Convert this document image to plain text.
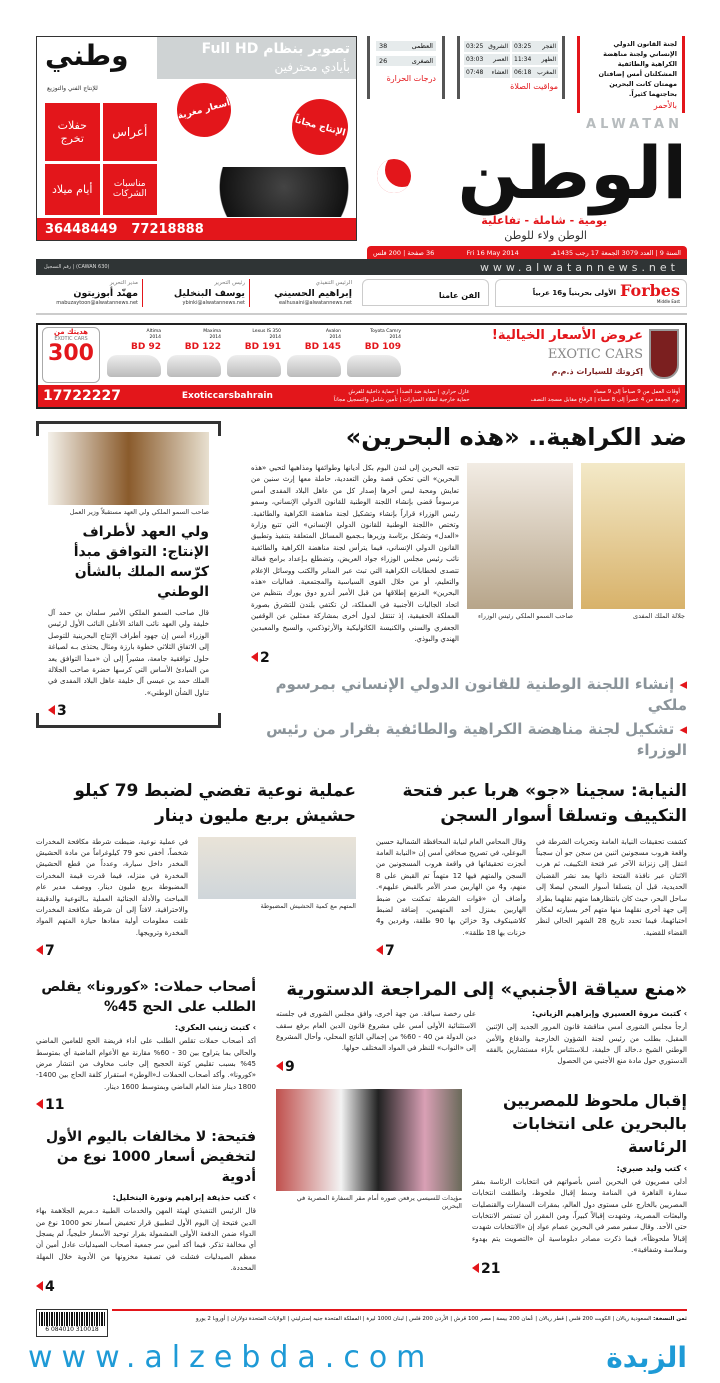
تصوير بنظام Full HD
بأيادي محترفين
وطني
للإنتاج الفني والتوزيع
أسعار مغرية
الإنتاج مجاناً
حفلات تخرج	أعراس
أيام ميلاد	مناسبات الشركات
36448449 77218888
العظمى
38
الصغرى
26
درجات الحرارة
الفجر
03:25
الشروق
03:25
الظهر
11:34
العصر
03:03
المغرب
06:18
العشاء
07:48
مواقيت الصلاة
لجنة القانون الدولي الإنساني ولجنة مناهضة الكراهية والطائفية المشكلتان أمس إضافتان مهمتان كانت البحرين بحاجتهما كثيراً.
بالأحمر
ALWATAN
الوطن
يومية - شاملة - تفاعلية
الوطن ولاء للوطن
السنة 9 | العدد 3079 الجمعة 17 رجب 1435هـ
Fri 16 May 2014
36 صفحة | 200 فلس
رقم التسجيل | (CAWAN 630)	www.alwatannews.net
الرئيس التنفيذي
إبراهيم الحسيني
ealhusaini@alwatannews.net
رئيس التحرير
يوسف البنخليل
ybinki@alwatannews.net
مدير التحرير
مهنّد أبوزيتون
mabuzaytoon@alwatannews.net
الفن عامنا	الأولى بحرينياً و16 عربياً Forbes
Middle East
EXOTIC CARS
إكزوتك للسيارات ذ.م.م
عروض الأسعار الخيالية!
Toyota Camry
2014
BD 109
Avalon
2014
BD 145
Lexus IS 350
2014
BD 191
Maxima
2014
BD 122
Altima
2014
BD 92
هديتك من
EXOTIC CARS
300
17722227	Exoticcarsbahrain	عازل حراري | حماية ضد الصدأ | حماية داخلية للفرش
حماية خارجية لطلاء السيارات | تأمين شامل والتسجيل مجاناً
أوقات العمل من 9 صباحاً إلى 9 مساء
يوم الجمعة من 4 عصراً إلى 8 مساء | الرفاع مقابل مسجد النصف
صاحب السمو الملكي ولي العهد مستقبلاً وزير العمل
ولي العهد لأطراف الإنتاج: التوافق مبدأ كرّسه الملك بالشأن الوطني
قال صاحب السمو الملكي الأمير سلمان بن حمد آل خليفة ولي العهد نائب القائد الأعلى النائب الأول لرئيس الوزراء أمس إن جهود أطراف الإنتاج البحرينية للتوصل إلى الاتفاق الثلاثي خطوة بارزة ومثال يحتذى بـه لصياغة حلول توافقية جامعة، مشيراً إلى أن «مبدأ التوافق يعد من المبادئ الأساس التي كرسها حضرة صاحب الجلالة الملك حمد بن عيسى آل خليفة عاهل البلاد المفدى في تناول الشأن الوطني».
3
ضد الكراهية.. «هذه البحرين»
تتجه البحرين إلى لندن اليوم بكل أديانها وطوائفها ومذاهبها لتحيي «هذه البحرين» التي تحكي قصة وطن التعددية، حاملة معها إرث سنين من تعايش ومحبة ليس أخرها إصدار كل من عاهل البلاد المفدى أمس مرسوماً قضى بإنشاء اللجنة الوطنية للقانون الدولي الإنساني، وسمو رئيس الوزراء قراراً بإنشاء وتشكيل لجنة مناهضة الكراهية والطائفية. وتختص «اللجنة الوطنية للقانون الدولي الإنساني» التي تتبع وزارة «العدل» وتشكل برئاسة وزيرها بـجميع المسائل المتعلقة بتنفيذ وتطبيق القانون الدولي الإنساني، فيما يترأس لجنة مناهضة الكراهية والطائفية نائب رئيس مجلس الوزراء جواد العريض، وتضطلع بـإعداد برامج فعالة تتصدى لخطابات الكراهية التي تبث عبر المنابر والكتب ووسائل الإعلام والتعليم، أو من خلال القوى السياسية والمجتمعية. فعاليات «هذه البحرين» المزمع إطلاقها من قبل الأمير أندرو دوق يورك بتنظيم من اتحاد الجاليات الأجنبية في المملكة، لن تكتفي بلندن للتشرق بصورة المملكة الحقيقية، إذ تنتقل لدول أخرى بمشاركة ممثلين عن الوقفين الجعفري والسني والكنيسة الكاثوليكية والأرثوذكس، والسيخ والمعبدين الهندي والبوذي.
2
صاحب السمو الملكي رئيس الوزراء	جلالة الملك المفدى
◂ إنشاء اللجنة الوطنية للقانون الدولي الإنساني بمرسوم ملكي
◂ تشكيل لجنة مناهضة الكراهية والطائفية بقرار من رئيس الوزراء
عملية نوعية تفضي لضبط 79 كيلو حشيش بربع مليون دينار
في عملية نوعية، ضبطت شرطة مكافحة المخدرات شخصاً، أخفى نحو 79 كيلوغراماً من مادة الحشيش المخدر داخل سيارة، وعدداً من قطع الحشيش المخدرة في منزله، فيما قدرت قيمة المخدرات المضبوطة بربع مليون دينار. ووصف مدير عام المباحث والأدلة الجنائية العملية بـالنوعية والدقيقة والاحترافية، لافتاً إلى أن شرطة مكافحة المخدرات تلقت معلومات أولية مفادها حيازة المتهم المواد المخدرة وترويجها.
7
المتهم مع كمية الحشيش المضبوطة
النيابة: سجينا «جو» هربا عبر فتحة التكييف وتسلقا أسوار السجن
وقال المحامي العام لنيابة المحافظة الشمالية حسين البوعلي، في تصريح صحافي أمس إن «النيابة العامة أنجزت تحقيقاتها في واقعة هروب المسجونين من السجن والمتهم فيها 12 متهماً تم القبض على 8 منهم، و4 من الهاربين صدر الأمر بالقبض عليهم». وأضاف أن «قوات الشرطة تمكنت من ضبط الهاربين بمنزل أحد المتهمين، إضافة لضبط كلاشينكوف و3 خزائن بها 90 طلقة، وفردين و4 خزنات بها 18 طلقة».
7
كشفت تحقيقات النيابة العامة وتحريات الشرطة في واقعة هروب مسجونين اثنين من سجن جو أن سجيناً انتقل إلى زنزانة الآخر عبر فتحة التكييف، ثم هرب الاثنان عبر نافذة الفتحة ذاتها بعد نشر القضبان الحديدية، قبل أن يتسلقا أسوار السجن ليصلا إلى ساحل البحر، حيث كان بانتظارهما متهم نقلهما بطراد إلى جهة أخرى نقلهما منها متهم آخر بسيارته لمكان اختبائهما، فيما تحدد تاريخ 28 الشهر الحالي لنظر القضاء للقضية.
أصحاب حملات: «كورونا» يقلص الطلب على الحج 45%
› كتبت زينب العكري:
أكد أصحاب حملات تقلص الطلب على أداء فريضة الحج للعامين الماضي والحالي بما يتراوح بين 30 - 60% مقارنة مع الأعوام الماضية أي بمتوسط 45% بسبب تقليص كوتة الحجيج إلى جانب مخاوف من انتشار مرض «كورونا». وأكد أصحاب الحملات لـ«الوطن» استقرار كلفة الحاج بين 1400-1800 دينار منذ العام الماضي وبمتوسط 1600 دينار.
11
فتيحة: لا مخالفات باليوم الأول لتخفيض أسعار 1000 نوع من أدوية
› كتب حذيفة إبراهيم ونورة البنخليل:
قال الرئيس التنفيذي لهيئة المهن والخدمات الطبية د.مريم الجلاهمة بهاء الدين فتيحة إن اليوم الأول لتطبيق قرار تخفيض أسعار نحو 1000 نوع من الدواء ضمن الدفعة الأولى المشمولة بقرار توحيد الأسعار خليجياً، لم يسجل أي مخالفة تذكر. فيما أكد أمين سر جمعية أصحاب الصيدليات عادل أمين أن معظم الصيدليات فشلت في تصفية مخزونها من الأدوية خلال المهلة المحددة.
4
«منع سياقة الأجنبي» إلى المراجعة الدستورية
على رخصة سياقة. من جهة أخرى، وافق مجلس الشورى في جلسته الاستثنائية الأولى أمس على مشروع قانون الدين العام برفع سقف دين الدولة من 40 - 60% من إجمالي الناتج المحلي، وأحال المشروع إلى «النواب» للنظر في المواد المختلف حولها.
9
› كتبت مروة العسيري وإبراهيم الزياني:
أرجأ مجلس الشورى أمس مناقشة قانون المرور الجديد إلى الإثنين المقبل، بطلب من رئيس لجنة الشؤون الخارجية والدفاع والأمن الوطني الشيخ د.خالد آل خليفة، لـلاستئناس بآراء مستشارين بالفقه الدستوري حول مادة منع الأجنبي من الحصول
مؤيدات للسيسي يرفعن صوره أمام مقر السفارة المصرية في البحرين
إقبال ملحوظ للمصريين بالبحرين على انتخابات الرئاسة
› كتب وليد صبري:
أدلى مصريون في البحرين أمس بأصواتهم في انتخابات الرئاسة بمقر سفارة القاهرة في المنامة وسط إقبال ملحوظ، وانطلقت انتخابات المصريين بالخارج على مستوى دول العالم، بمقرات السفارات والقنصليات والبعثات المصرية، وشهدت إقبالاً كبيراً، ومن المقرر أن تستمر الانتخابات حتى الأحد. وقال سفير مصر في البحرين عصام عواد إن «الانتخابات شهدت إقبالاً ملحوظاً»، فيما ذكرت مصادر دبلوماسية أن «التصويت يتم بهدوء وسلاسة وشفافية».
21
6 084010 310018
ثمن النسخة: السعودية ريالان | الكويت 200 فلس | قطر ريالان | عُمان 200 بيسة | مصر 100 قرش | الأردن 200 فلس | لبنان 1000 ليرة | المملكة المتحدة جنيه إسترليني | الولايات المتحدة دولاران | أوروبا 2 يورو
www.alzebda.com	الزبدة
